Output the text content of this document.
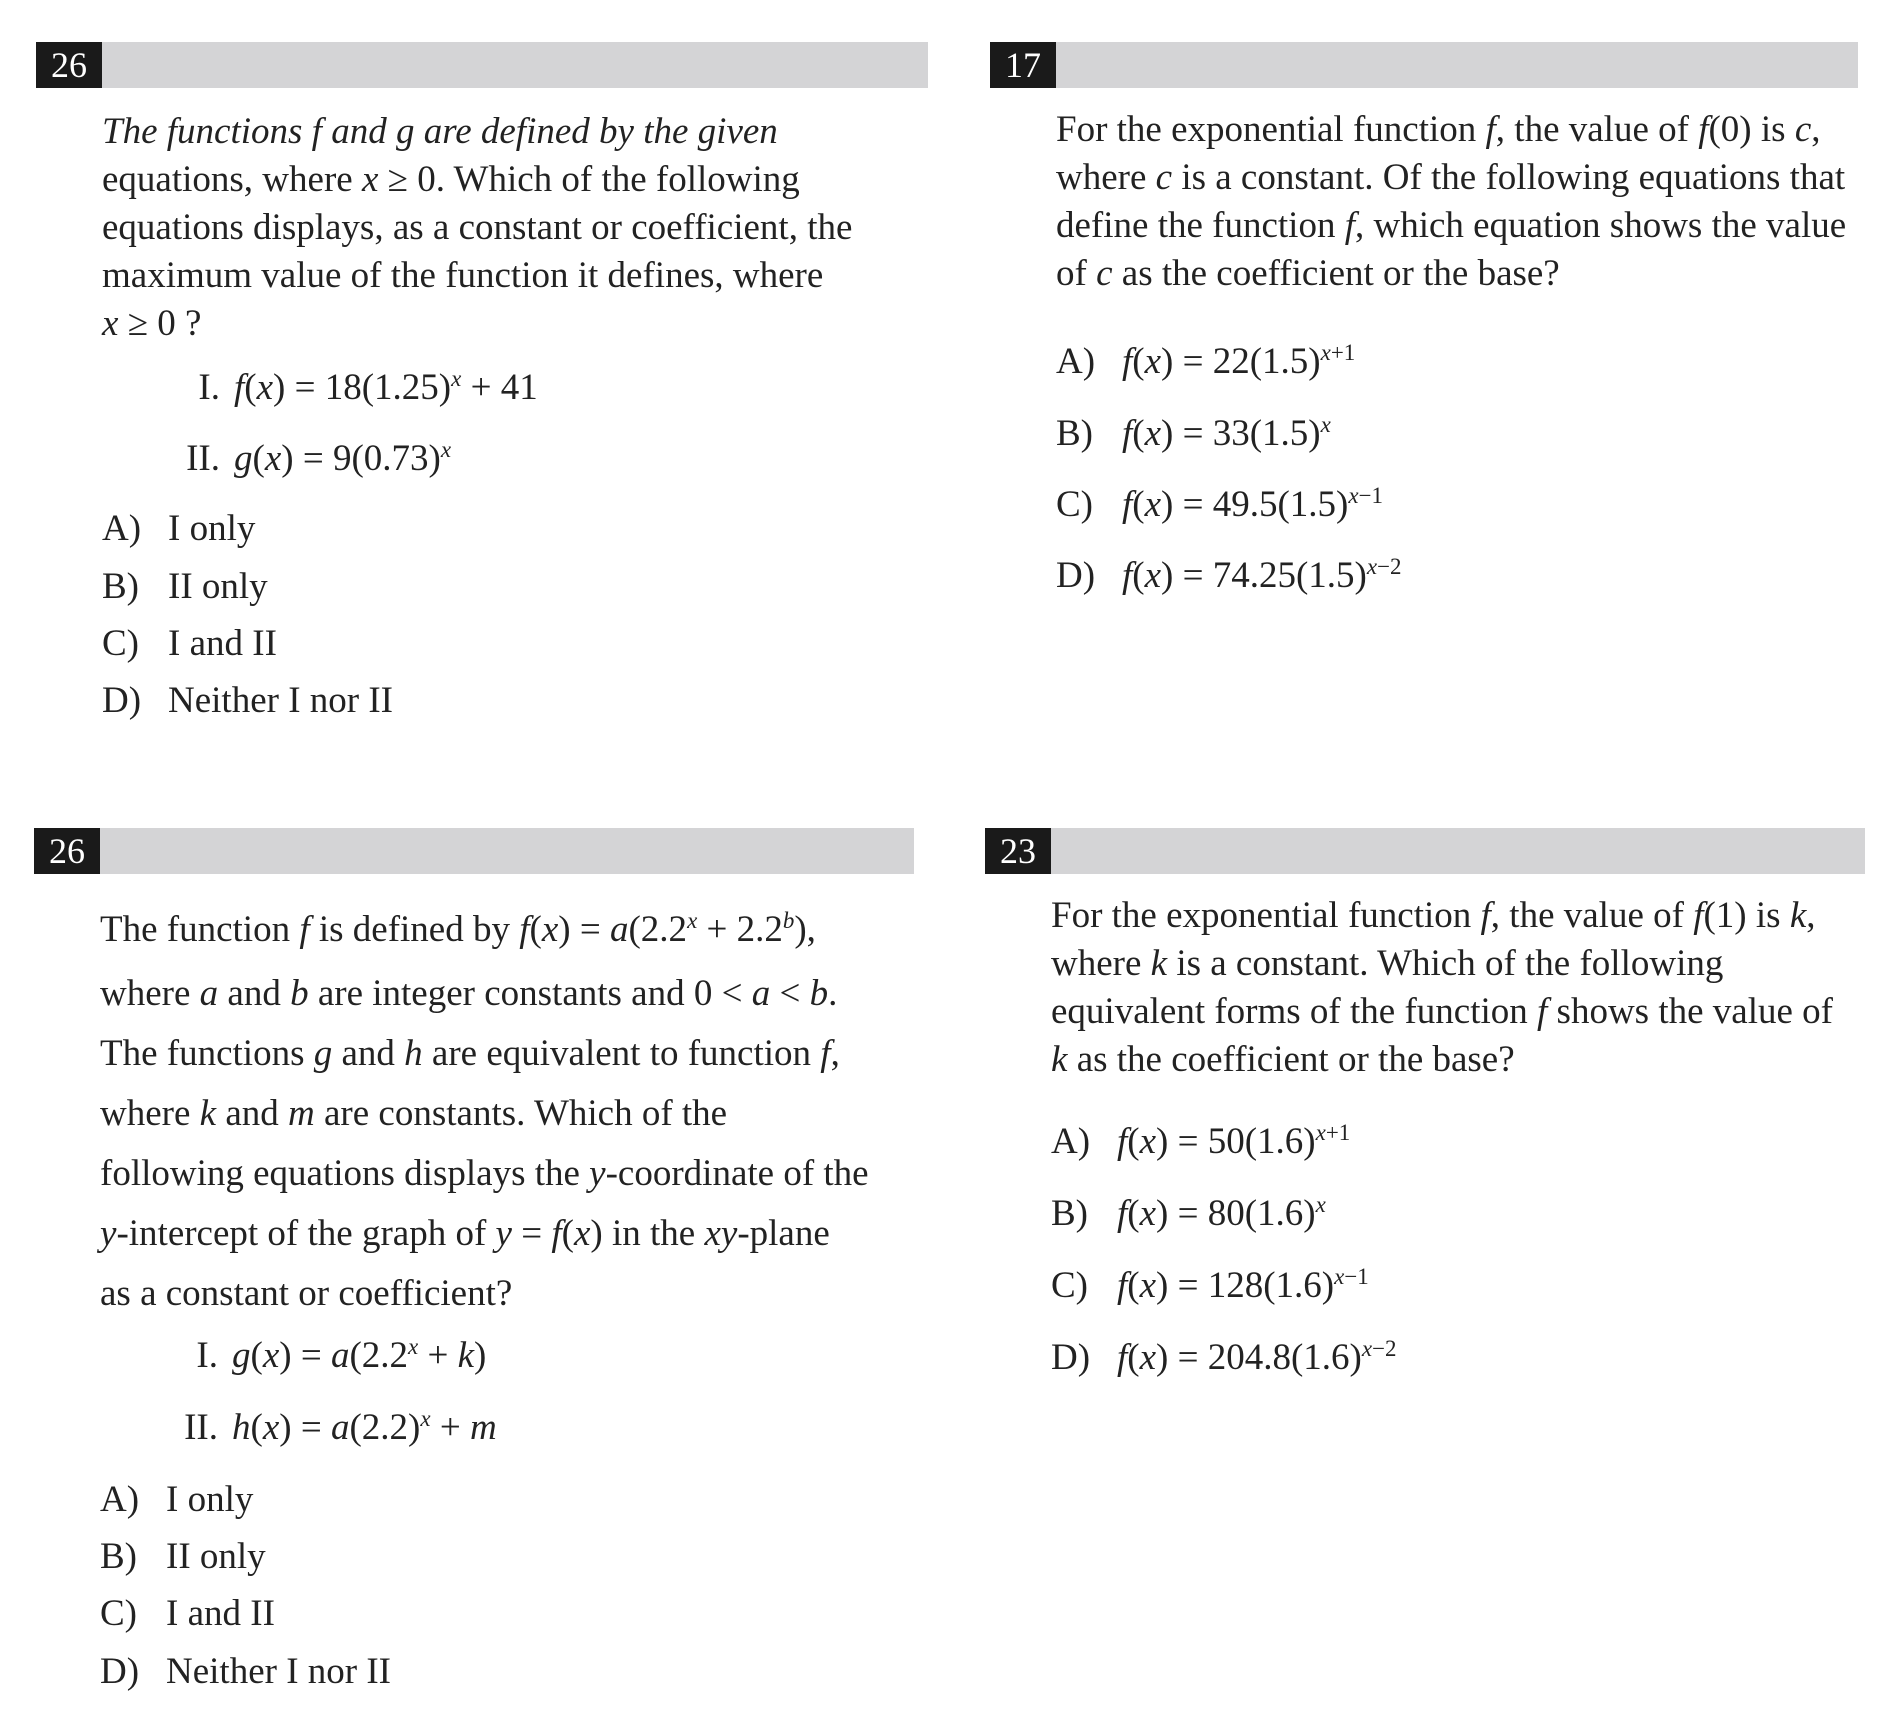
26
The functions f and g are defined by the given
equations, where x ≥ 0. Which of the following
equations displays, as a constant or coefficient, the
maximum value of the function it defines, where
x ≥ 0 ?
I. $f(x) = 18(1.25)^x + 41$
II. $g(x) = 9(0.73)^x$
A) I only
B) II only
C) I and II
D) Neither I nor II
17
For the exponential function f, the value of f(0) is c,
where c is a constant. Of the following equations that
define the function f, which equation shows the value
of c as the coefficient or the base?
A) $f(x) = 22(1.5)^{x+1}$
B) $f(x) = 33(1.5)^x$
C) $f(x) = 49.5(1.5)^{x-1}$
D) $f(x) = 74.25(1.5)^{x-2}$
26
The function f is defined by $f(x) = a(2.2^x + 2.2^b)$,
where a and b are integer constants and 0 < a < b.
The functions g and h are equivalent to function f,
where k and m are constants. Which of the
following equations displays the y-coordinate of the
y-intercept of the graph of y = f(x) in the xy-plane
as a constant or coefficient?
I. $g(x) = a(2.2^x + k)$
II. $h(x) = a(2.2)^x + m$
A) I only
B) II only
C) I and II
D) Neither I nor II
23
For the exponential function f, the value of f(1) is k,
where k is a constant. Which of the following
equivalent forms of the function f shows the value of
k as the coefficient or the base?
A) $f(x) = 50(1.6)^{x+1}$
B) $f(x) = 80(1.6)^x$
C) $f(x) = 128(1.6)^{x-1}$
D) $f(x) = 204.8(1.6)^{x-2}$
